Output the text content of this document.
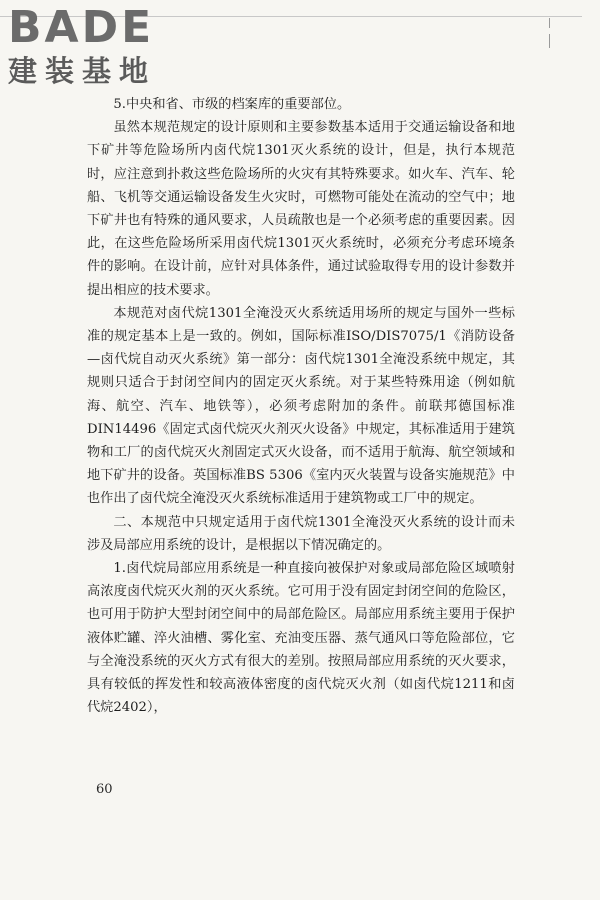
BADE
建装基地

5.中央和省、市级的档案库的重要部位。

虽然本规范规定的设计原则和主要参数基本适用于交通运输设备和地下矿井等危险场所内卤代烷1301灭火系统的设计，但是，执行本规范时，应注意到扑救这些危险场所的火灾有其特殊要求。如火车、汽车、轮船、飞机等交通运输设备发生火灾时，可燃物可能处在流动的空气中；地下矿井也有特殊的通风要求，人员疏散也是一个必须考虑的重要因素。因此，在这些危险场所采用卤代烷1301灭火系统时，必须充分考虑环境条件的影响。在设计前，应针对具体条件，通过试验取得专用的设计参数并提出相应的技术要求。

本规范对卤代烷1301全淹没灭火系统适用场所的规定与国外一些标准的规定基本上是一致的。例如，国际标准ISO/DIS7075/1《消防设备—卤代烷自动灭火系统》第一部分：卤代烷1301全淹没系统中规定，其规则只适合于封闭空间内的固定灭火系统。对于某些特殊用途（例如航海、航空、汽车、地铁等），必须考虑附加的条件。前联邦德国标准DIN14496《固定式卤代烷灭火剂灭火设备》中规定，其标准适用于建筑物和工厂的卤代烷灭火剂固定式灭火设备，而不适用于航海、航空领域和地下矿井的设备。英国标准BS 5306《室内灭火装置与设备实施规范》中也作出了卤代烷全淹没灭火系统标准适用于建筑物或工厂中的规定。

二、本规范中只规定适用于卤代烷1301全淹没灭火系统的设计而未涉及局部应用系统的设计，是根据以下情况确定的。

1.卤代烷局部应用系统是一种直接向被保护对象或局部危险区域喷射高浓度卤代烷灭火剂的灭火系统。它可用于没有固定封闭空间的危险区，也可用于防护大型封闭空间中的局部危险区。局部应用系统主要用于保护液体贮罐、淬火油槽、雾化室、充油变压器、蒸气通风口等危险部位，它与全淹没系统的灭火方式有很大的差别。按照局部应用系统的灭火要求，具有较低的挥发性和较高液体密度的卤代烷灭火剂（如卤代烷1211和卤代烷2402），

60
